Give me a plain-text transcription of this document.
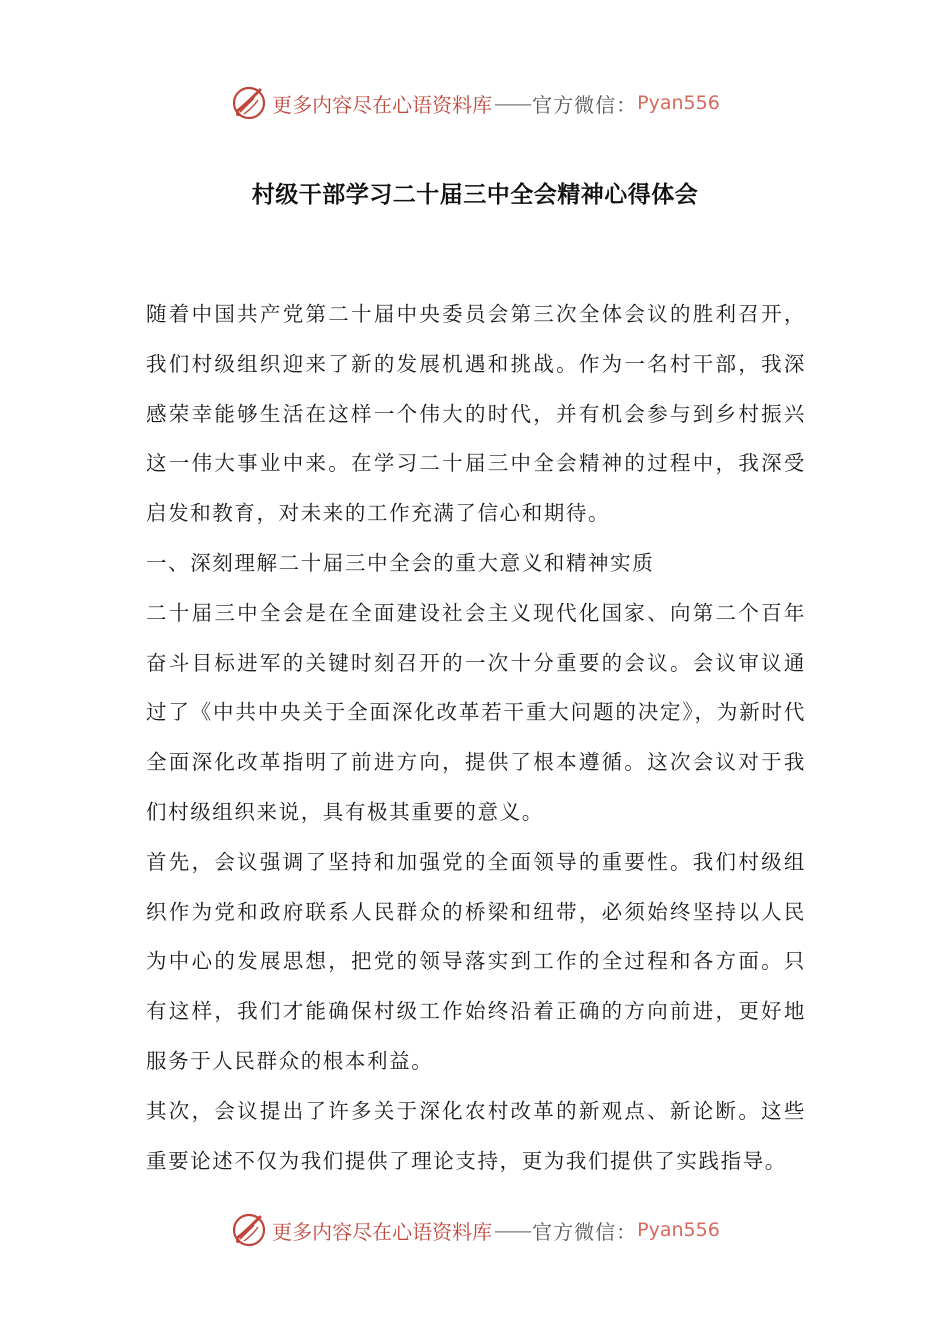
更多内容尽在心语资料库 —— 官方微信： Pyan556
村级干部学习二十届三中全会精神心得体会

随着中国共产党第二十届中央委员会第三次全体会议的胜利召开，我们村级组织迎来了新的发展机遇和挑战。作为一名村干部，我深感荣幸能够生活在这样一个伟大的时代，并有机会参与到乡村振兴这一伟大事业中来。在学习二十届三中全会精神的过程中，我深受启发和教育，对未来的工作充满了信心和期待。

一、深刻理解二十届三中全会的重大意义和精神实质

二十届三中全会是在全面建设社会主义现代化国家、向第二个百年奋斗目标进军的关键时刻召开的一次十分重要的会议。会议审议通过了《中共中央关于全面深化改革若干重大问题的决定》，为新时代全面深化改革指明了前进方向，提供了根本遵循。这次会议对于我们村级组织来说，具有极其重要的意义。

首先，会议强调了坚持和加强党的全面领导的重要性。我们村级组织作为党和政府联系人民群众的桥梁和纽带，必须始终坚持以人民为中心的发展思想，把党的领导落实到工作的全过程和各方面。只有这样，我们才能确保村级工作始终沿着正确的方向前进，更好地服务于人民群众的根本利益。

其次，会议提出了许多关于深化农村改革的新观点、新论断。这些重要论述不仅为我们提供了理论支持，更为我们提供了实践指导。

更多内容尽在心语资料库 —— 官方微信： Pyan556
